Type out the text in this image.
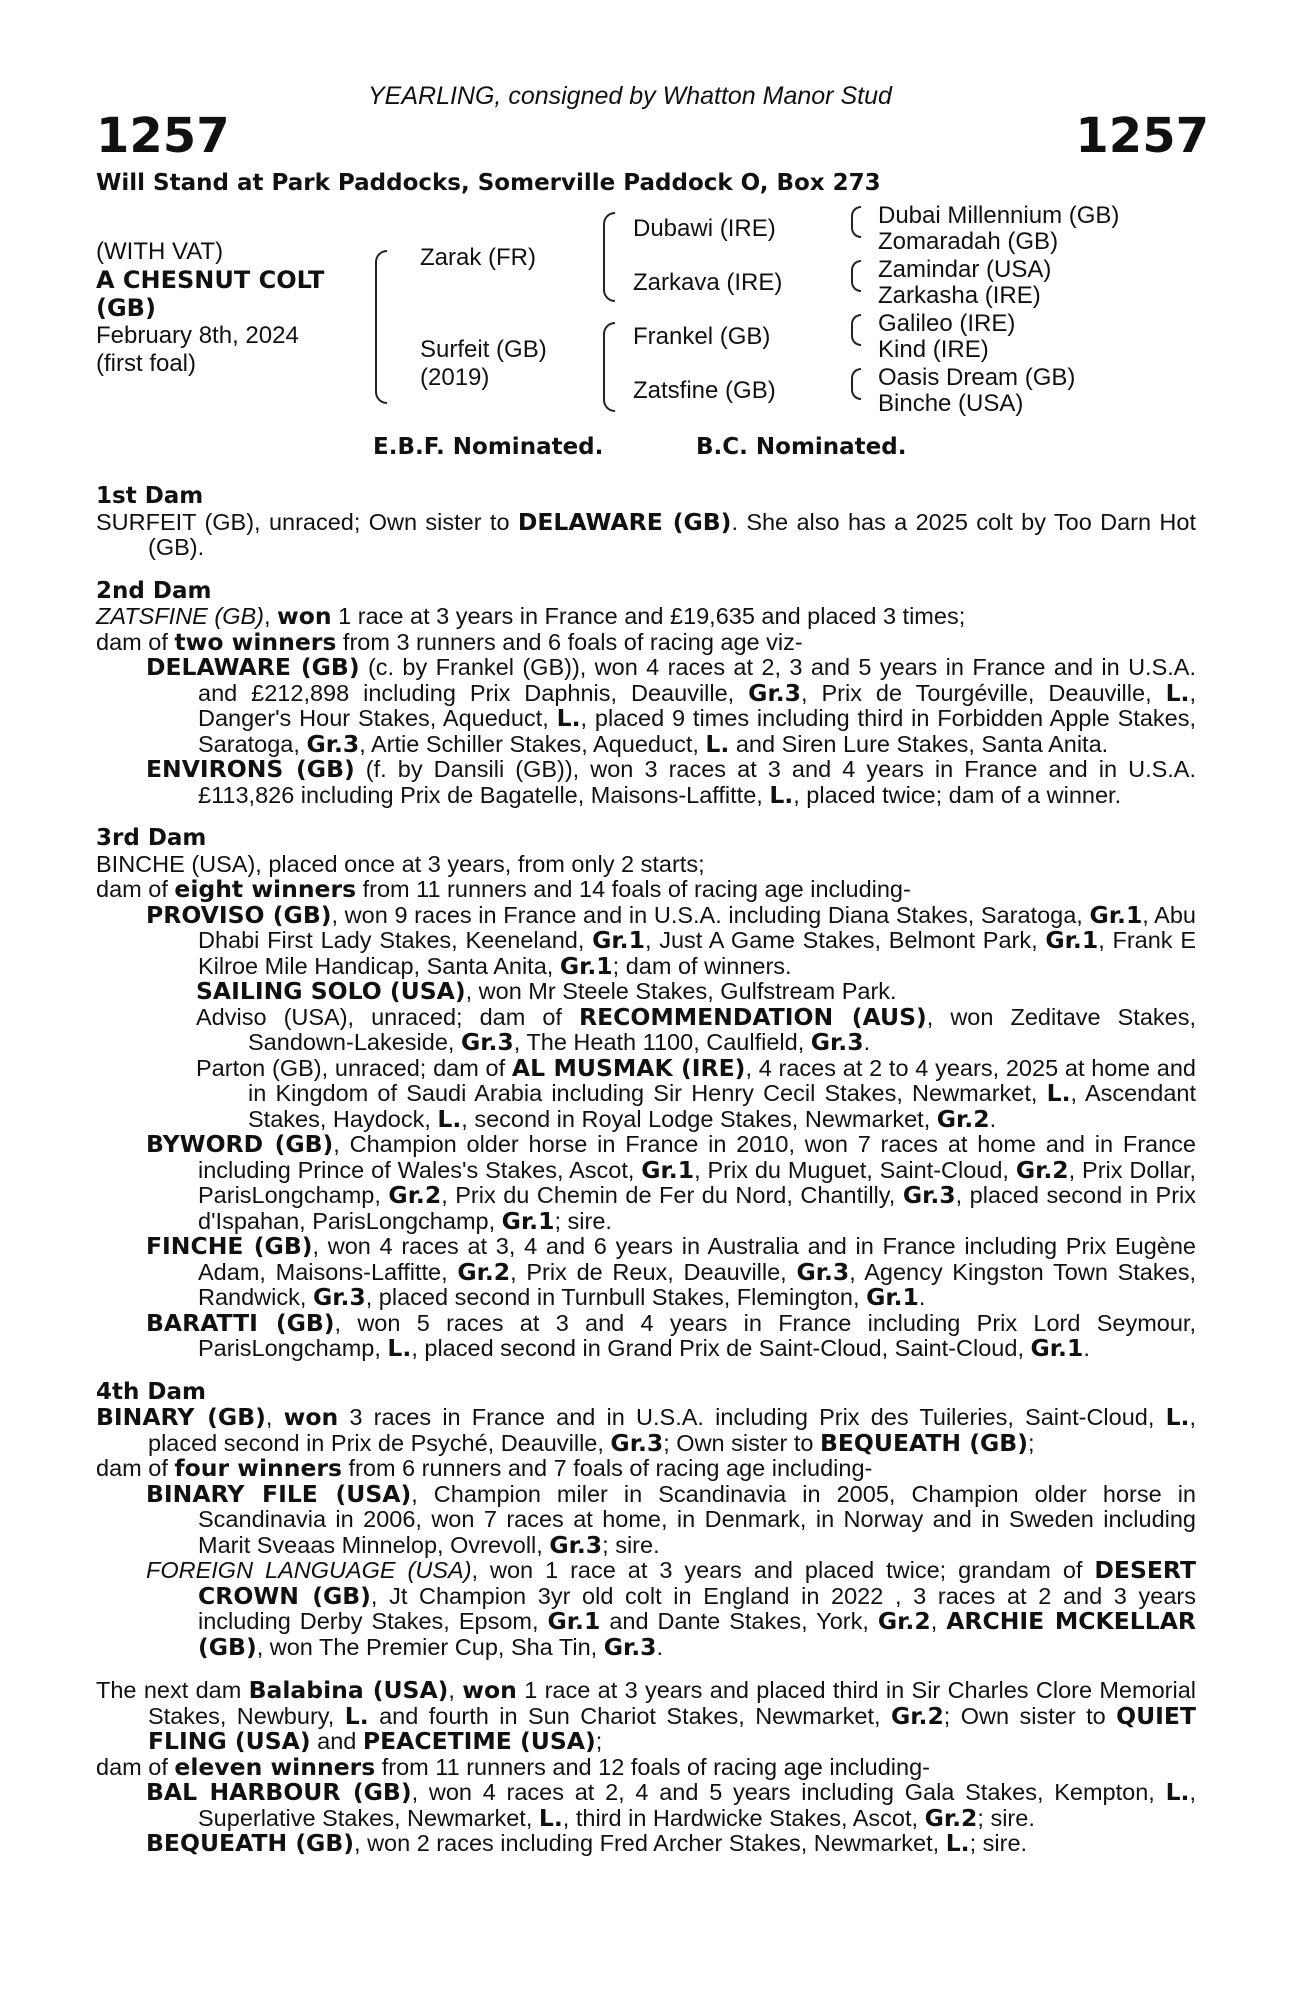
YEARLING, consigned by Whatton Manor Stud
1257	1257
Will Stand at Park Paddocks, Somerville Paddock O, Box 273
(WITH VAT)
A CHESNUT COLT
(GB)
February 8th, 2024
(first foal)
Zarak (FR)
Surfeit (GB)
(2019)
Dubawi (IRE)
Zarkava (IRE)
Frankel (GB)
Zatsfine (GB)
Dubai Millennium (GB)
Zomaradah (GB)
Zamindar (USA)
Zarkasha (IRE)
Galileo (IRE)
Kind (IRE)
Oasis Dream (GB)
Binche (USA)
E.B.F. Nominated.	B.C. Nominated.

1st Dam

SURFEIT (GB), unraced; Own sister to DELAWARE (GB). She also has a 2025 colt by Too Darn Hot (GB).

2nd Dam

ZATSFINE (GB), won 1 race at 3 years in France and £19,635 and placed 3 times;

dam of two winners from 3 runners and 6 foals of racing age viz-

DELAWARE (GB) (c. by Frankel (GB)), won 4 races at 2, 3 and 5 years in France and in U.S.A. and £212,898 including Prix Daphnis, Deauville, Gr.3, Prix de Tourgéville, Deauville, L., Danger's Hour Stakes, Aqueduct, L., placed 9 times including third in Forbidden Apple Stakes, Saratoga, Gr.3, Artie Schiller Stakes, Aqueduct, L. and Siren Lure Stakes, Santa Anita.

ENVIRONS (GB) (f. by Dansili (GB)), won 3 races at 3 and 4 years in France and in U.S.A. £113,826 including Prix de Bagatelle, Maisons-Laffitte, L., placed twice; dam of a winner.

3rd Dam

BINCHE (USA), placed once at 3 years, from only 2 starts;

dam of eight winners from 11 runners and 14 foals of racing age including-

PROVISO (GB), won 9 races in France and in U.S.A. including Diana Stakes, Saratoga, Gr.1, Abu Dhabi First Lady Stakes, Keeneland, Gr.1, Just A Game Stakes, Belmont Park, Gr.1, Frank E Kilroe Mile Handicap, Santa Anita, Gr.1; dam of winners.

SAILING SOLO (USA), won Mr Steele Stakes, Gulfstream Park.

Adviso (USA), unraced; dam of RECOMMENDATION (AUS), won Zeditave Stakes, Sandown-Lakeside, Gr.3, The Heath 1100, Caulfield, Gr.3.

Parton (GB), unraced; dam of AL MUSMAK (IRE), 4 races at 2 to 4 years, 2025 at home and in Kingdom of Saudi Arabia including Sir Henry Cecil Stakes, Newmarket, L., Ascendant Stakes, Haydock, L., second in Royal Lodge Stakes, Newmarket, Gr.2.

BYWORD (GB), Champion older horse in France in 2010, won 7 races at home and in France including Prince of Wales's Stakes, Ascot, Gr.1, Prix du Muguet, Saint-Cloud, Gr.2, Prix Dollar, ParisLongchamp, Gr.2, Prix du Chemin de Fer du Nord, Chantilly, Gr.3, placed second in Prix d'Ispahan, ParisLongchamp, Gr.1; sire.

FINCHE (GB), won 4 races at 3, 4 and 6 years in Australia and in France including Prix Eugène Adam, Maisons-Laffitte, Gr.2, Prix de Reux, Deauville, Gr.3, Agency Kingston Town Stakes, Randwick, Gr.3, placed second in Turnbull Stakes, Flemington, Gr.1.

BARATTI (GB), won 5 races at 3 and 4 years in France including Prix Lord Seymour, ParisLongchamp, L., placed second in Grand Prix de Saint-Cloud, Saint-Cloud, Gr.1.

4th Dam

BINARY (GB), won 3 races in France and in U.S.A. including Prix des Tuileries, Saint-Cloud, L., placed second in Prix de Psyché, Deauville, Gr.3; Own sister to BEQUEATH (GB);

dam of four winners from 6 runners and 7 foals of racing age including-

BINARY FILE (USA), Champion miler in Scandinavia in 2005, Champion older horse in Scandinavia in 2006, won 7 races at home, in Denmark, in Norway and in Sweden including Marit Sveaas Minnelop, Ovrevoll, Gr.3; sire.

FOREIGN LANGUAGE (USA), won 1 race at 3 years and placed twice; grandam of DESERT CROWN (GB), Jt Champion 3yr old colt in England in 2022 , 3 races at 2 and 3 years including Derby Stakes, Epsom, Gr.1 and Dante Stakes, York, Gr.2, ARCHIE MCKELLAR (GB), won The Premier Cup, Sha Tin, Gr.3.

The next dam Balabina (USA), won 1 race at 3 years and placed third in Sir Charles Clore Memorial Stakes, Newbury, L. and fourth in Sun Chariot Stakes, Newmarket, Gr.2; Own sister to QUIET FLING (USA) and PEACETIME (USA);

dam of eleven winners from 11 runners and 12 foals of racing age including-

BAL HARBOUR (GB), won 4 races at 2, 4 and 5 years including Gala Stakes, Kempton, L., Superlative Stakes, Newmarket, L., third in Hardwicke Stakes, Ascot, Gr.2; sire.

BEQUEATH (GB), won 2 races including Fred Archer Stakes, Newmarket, L.; sire.
